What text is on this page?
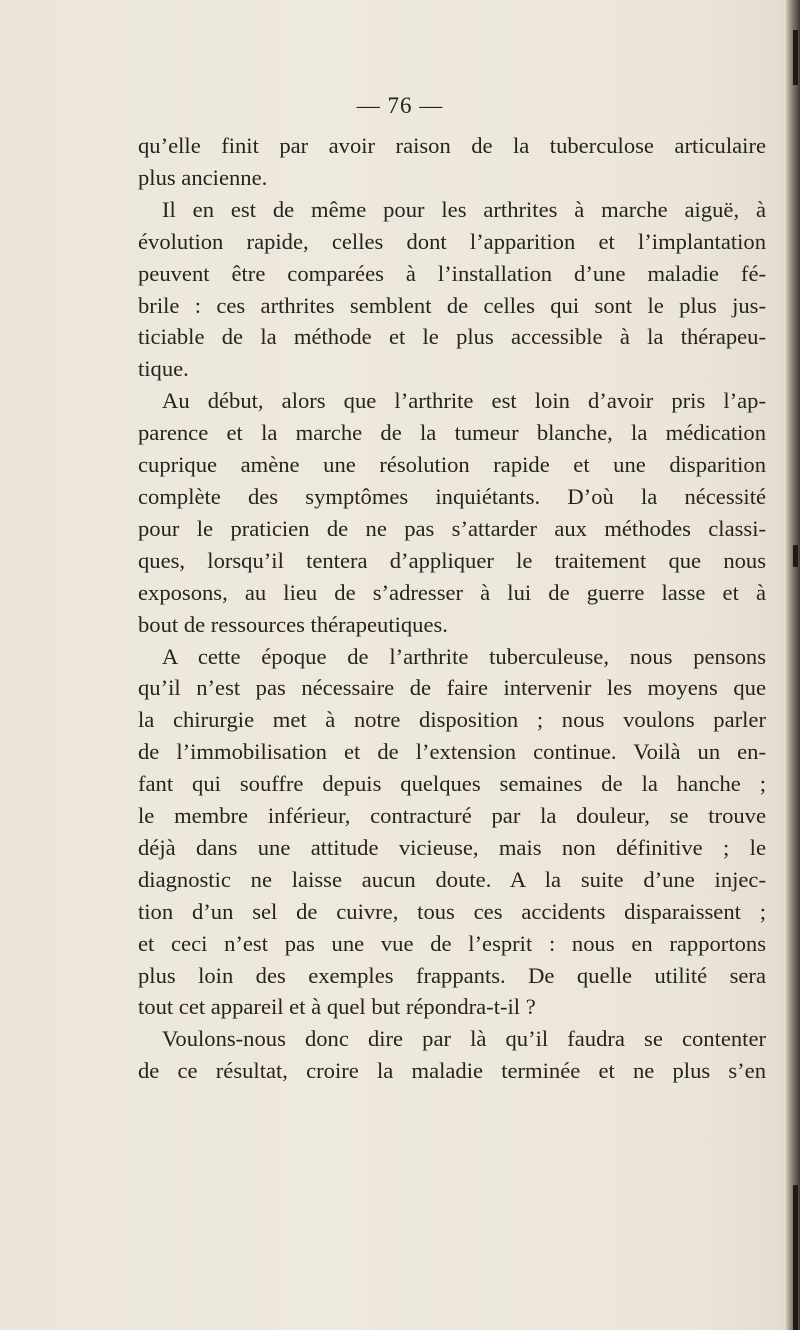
— 76 —
qu’elle finit par avoir raison de la tuberculose articulaire
plus ancienne.
Il en est de même pour les arthrites à marche aiguë, à
évolution rapide, celles dont l’apparition et l’implantation
peuvent être comparées à l’installation d’une maladie fé-
brile : ces arthrites semblent de celles qui sont le plus jus-
ticiable de la méthode et le plus accessible à la thérapeu-
tique.
Au début, alors que l’arthrite est loin d’avoir pris l’ap-
parence et la marche de la tumeur blanche, la médication
cuprique amène une résolution rapide et une disparition
complète des symptômes inquiétants. D’où la nécessité
pour le praticien de ne pas s’attarder aux méthodes classi-
ques, lorsqu’il tentera d’appliquer le traitement que nous
exposons, au lieu de s’adresser à lui de guerre lasse et à
bout de ressources thérapeutiques.
A cette époque de l’arthrite tuberculeuse, nous pensons
qu’il n’est pas nécessaire de faire intervenir les moyens que
la chirurgie met à notre disposition ; nous voulons parler
de l’immobilisation et de l’extension continue. Voilà un en-
fant qui souffre depuis quelques semaines de la hanche ;
le membre inférieur, contracturé par la douleur, se trouve
déjà dans une attitude vicieuse, mais non définitive ; le
diagnostic ne laisse aucun doute. A la suite d’une injec-
tion d’un sel de cuivre, tous ces accidents disparaissent ;
et ceci n’est pas une vue de l’esprit : nous en rapportons
plus loin des exemples frappants. De quelle utilité sera
tout cet appareil et à quel but répondra-t-il ?
Voulons-nous donc dire par là qu’il faudra se contenter
de ce résultat, croire la maladie terminée et ne plus s’en
